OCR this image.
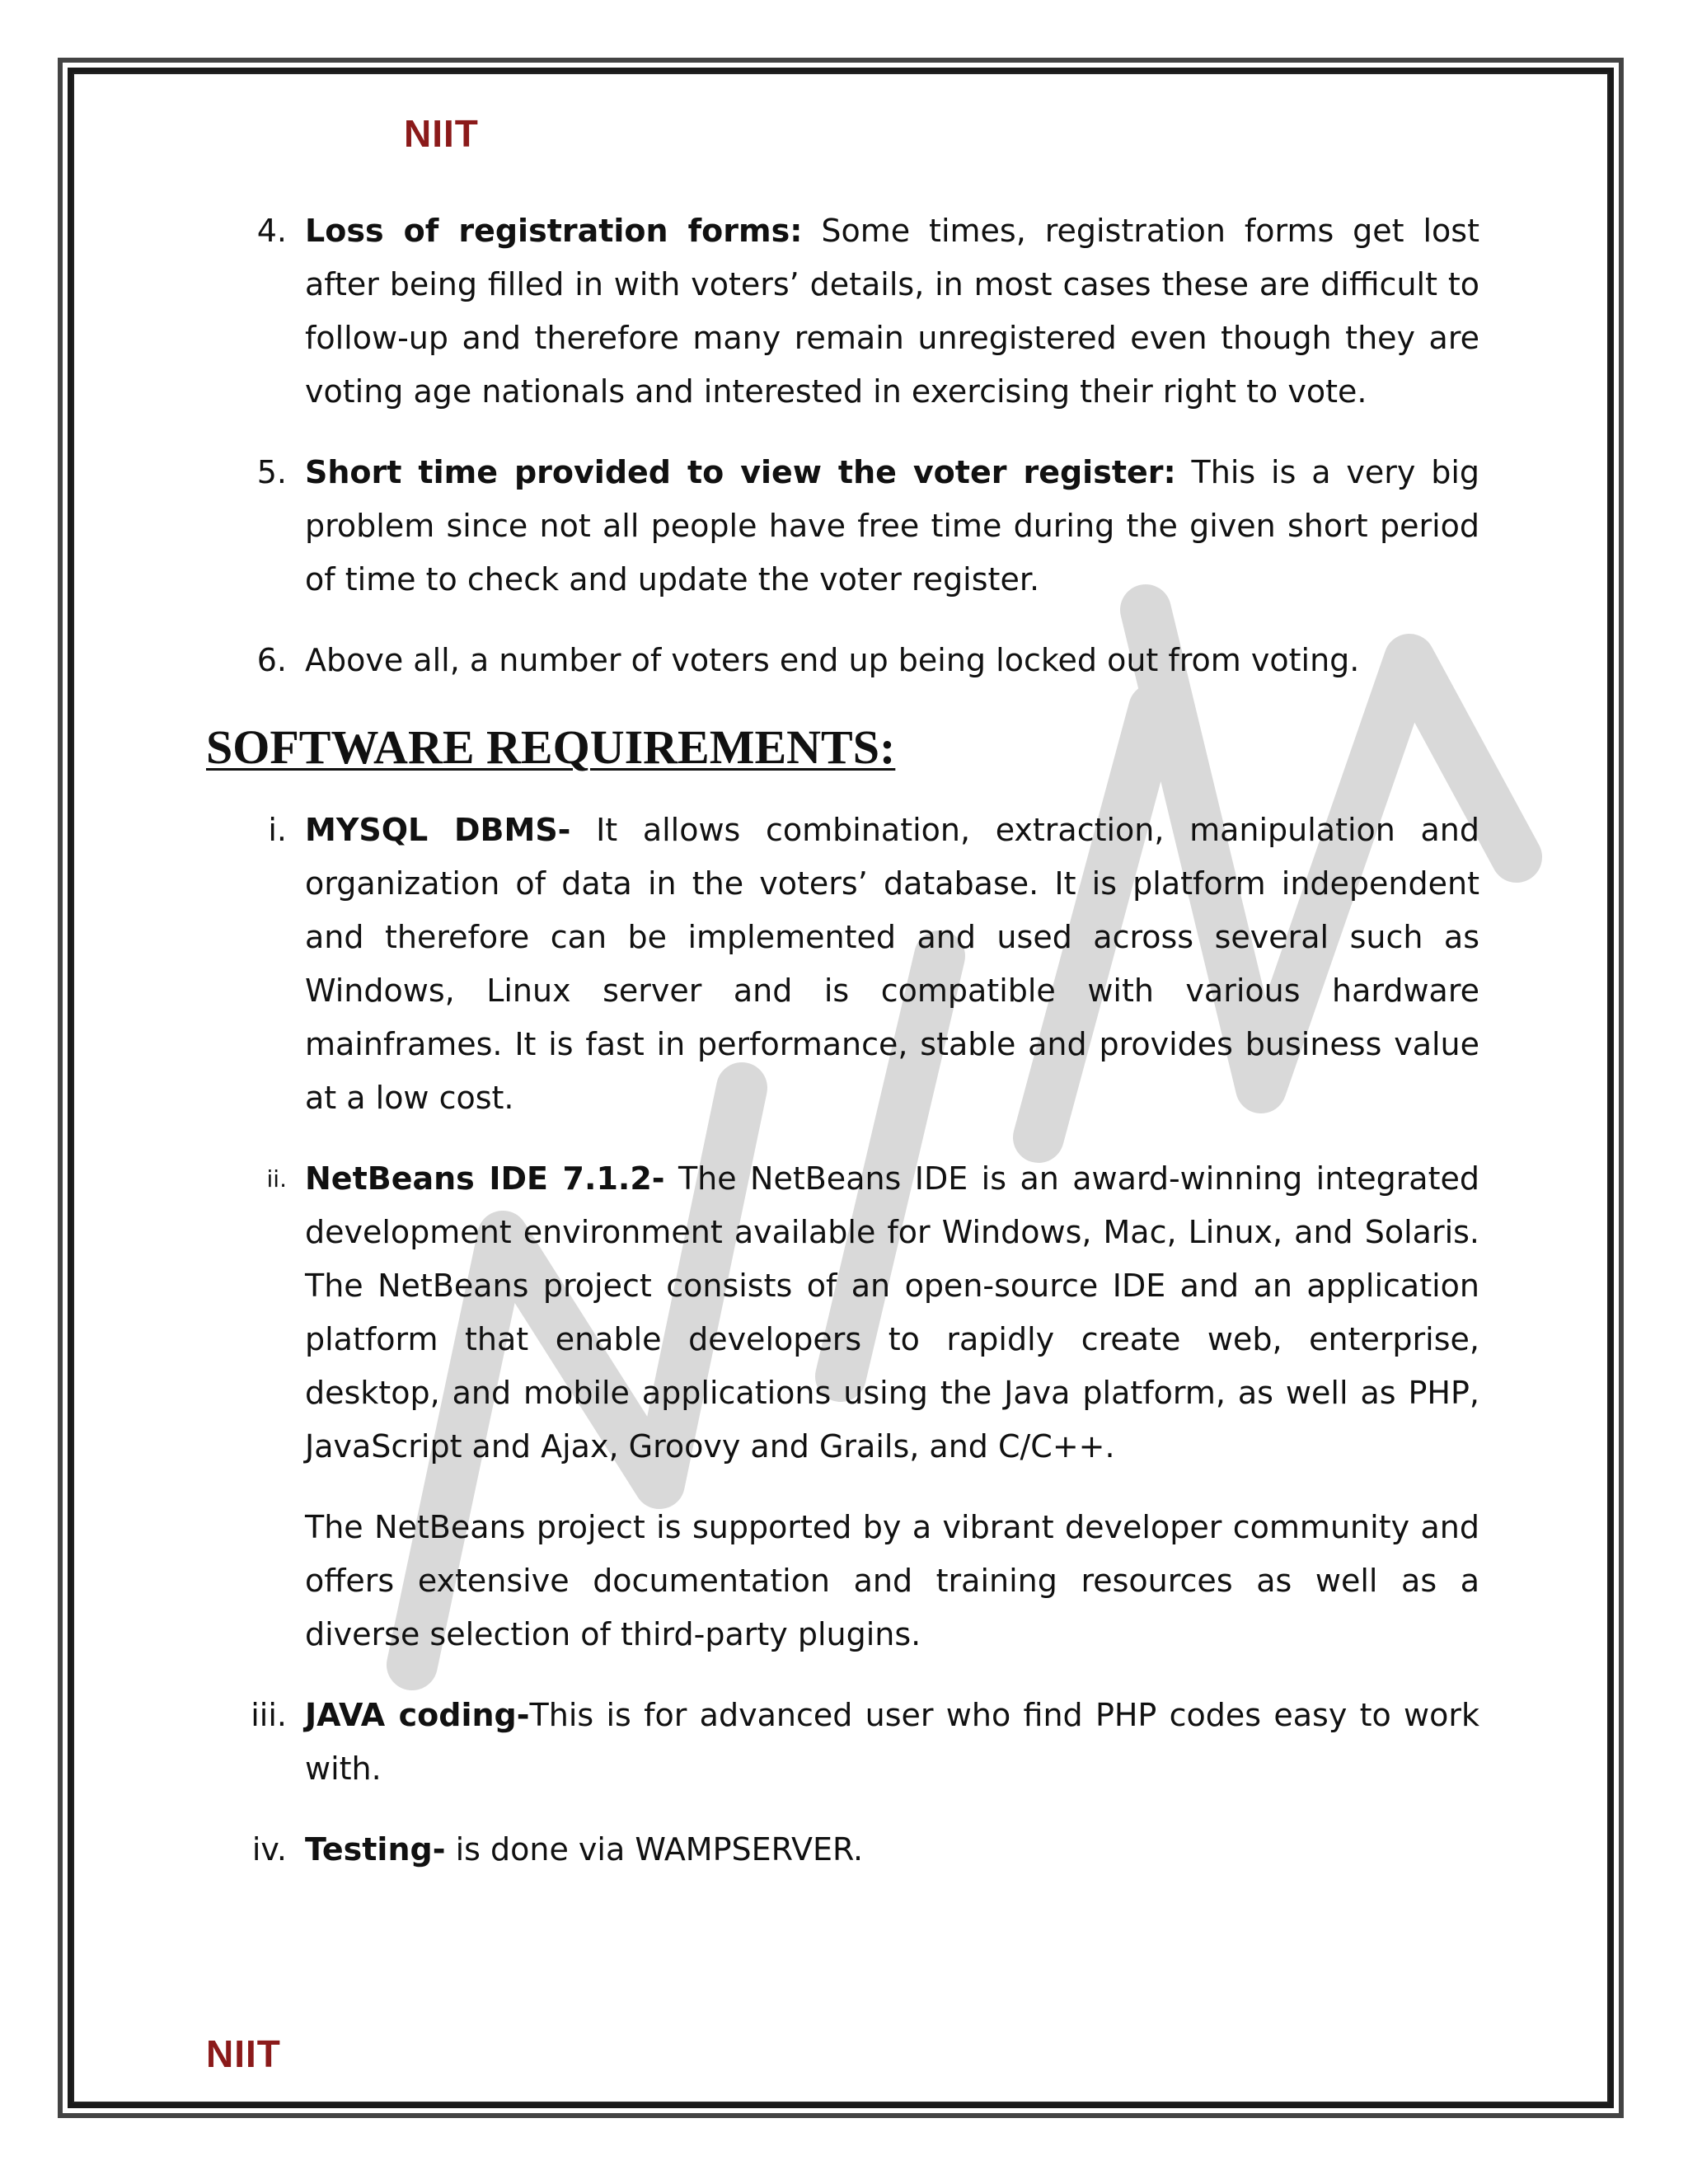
NIIT
4. Loss of registration forms: Some times, registration forms get lost after being filled in with voters’ details, in most cases these are difficult to follow-up and therefore many remain unregistered even though they are voting age nationals and interested in exercising their right to vote.
5. Short time provided to view the voter register: This is a very big problem since not all people have free time during the given short period of time to check and update the voter register.
6. Above all, a number of voters end up being locked out from voting.
SOFTWARE REQUIREMENTS:
i. MYSQL DBMS- It allows combination, extraction, manipulation and organization of data in the voters’ database. It is platform independent and therefore can be implemented and used across several such as Windows, Linux server and is compatible with various hardware mainframes. It is fast in performance, stable and provides business value at a low cost.
ii. NetBeans IDE 7.1.2- The NetBeans IDE is an award-winning integrated development environment available for Windows, Mac, Linux, and Solaris. The NetBeans project consists of an open-source IDE and an application platform that enable developers to rapidly create web, enterprise, desktop, and mobile applications using the Java platform, as well as PHP, JavaScript and Ajax, Groovy and Grails, and C/C++.
The NetBeans project is supported by a vibrant developer community and offers extensive documentation and training resources as well as a diverse selection of third-party plugins.
iii. JAVA coding-This is for advanced user who find PHP codes easy to work with.
iv. Testing- is done via WAMPSERVER.
NIIT
